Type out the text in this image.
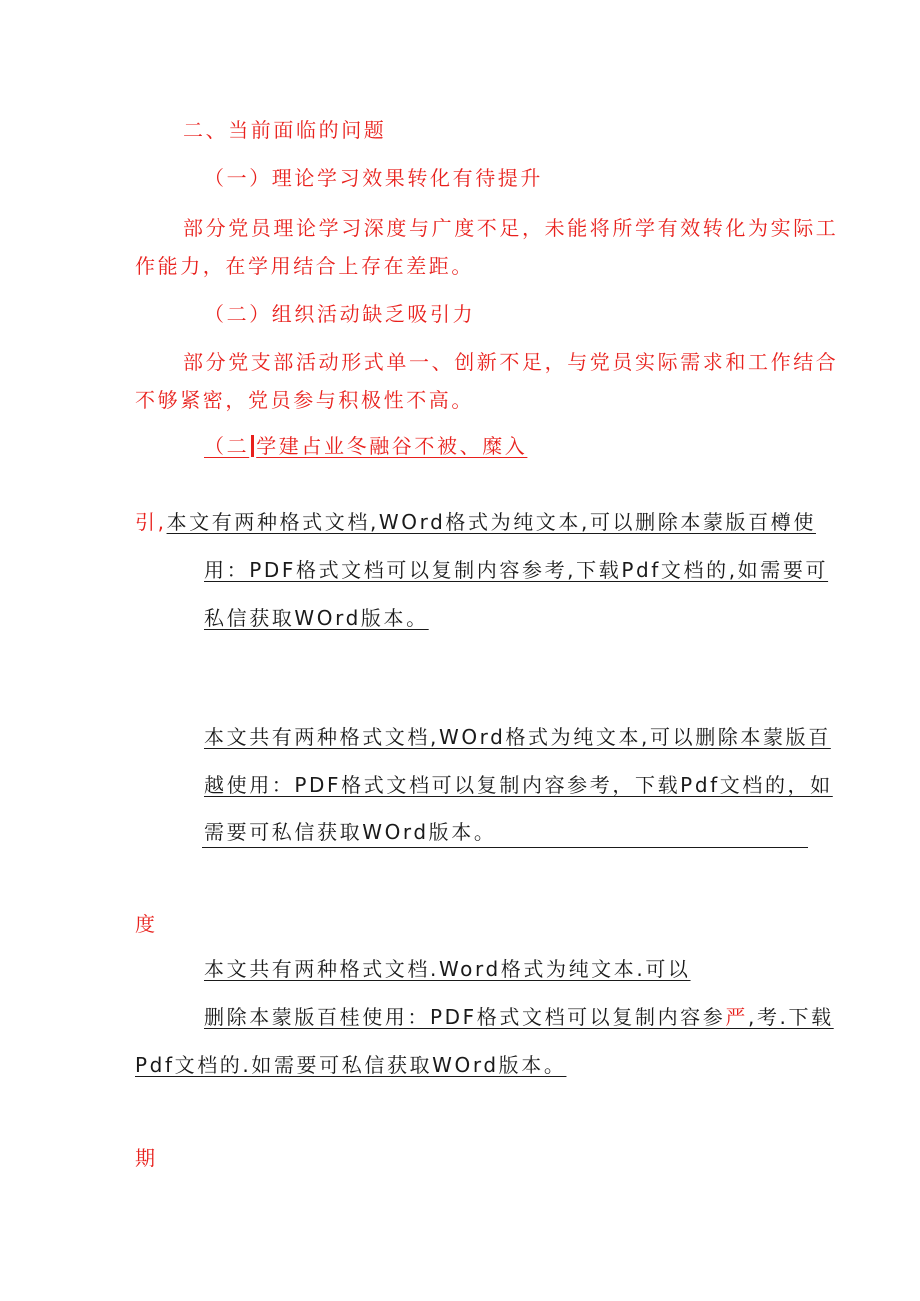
二、当前面临的问题

（一）理论学习效果转化有待提升

部分党员理论学习深度与广度不足，未能将所学有效转化为实际工

作能力，在学用结合上存在差距。

（二）组织活动缺乏吸引力

部分党支部活动形式单一、创新不足，与党员实际需求和工作结合

不够紧密，党员参与积极性不高。

（二 学建占业冬融谷不被、糜入

引,本文有两种格式文档,WOrd格式为纯文本,可以删除本蒙版百樽使

用：PDF格式文档可以复制内容参考,下载Pdf文档的,如需要可

私信获取WOrd版本。

本文共有两种格式文档,WOrd格式为纯文本,可以删除本蒙版百

越使用：PDF格式文档可以复制内容参考，下载Pdf文档的，如

需要可私信获取WOrd版本。

度

本文共有两种格式文档.Word格式为纯文本.可以

删除本蒙版百桂使用：PDF格式文档可以复制内容参严,考.下载

Pdf文档的.如需要可私信获取WOrd版本。

期
